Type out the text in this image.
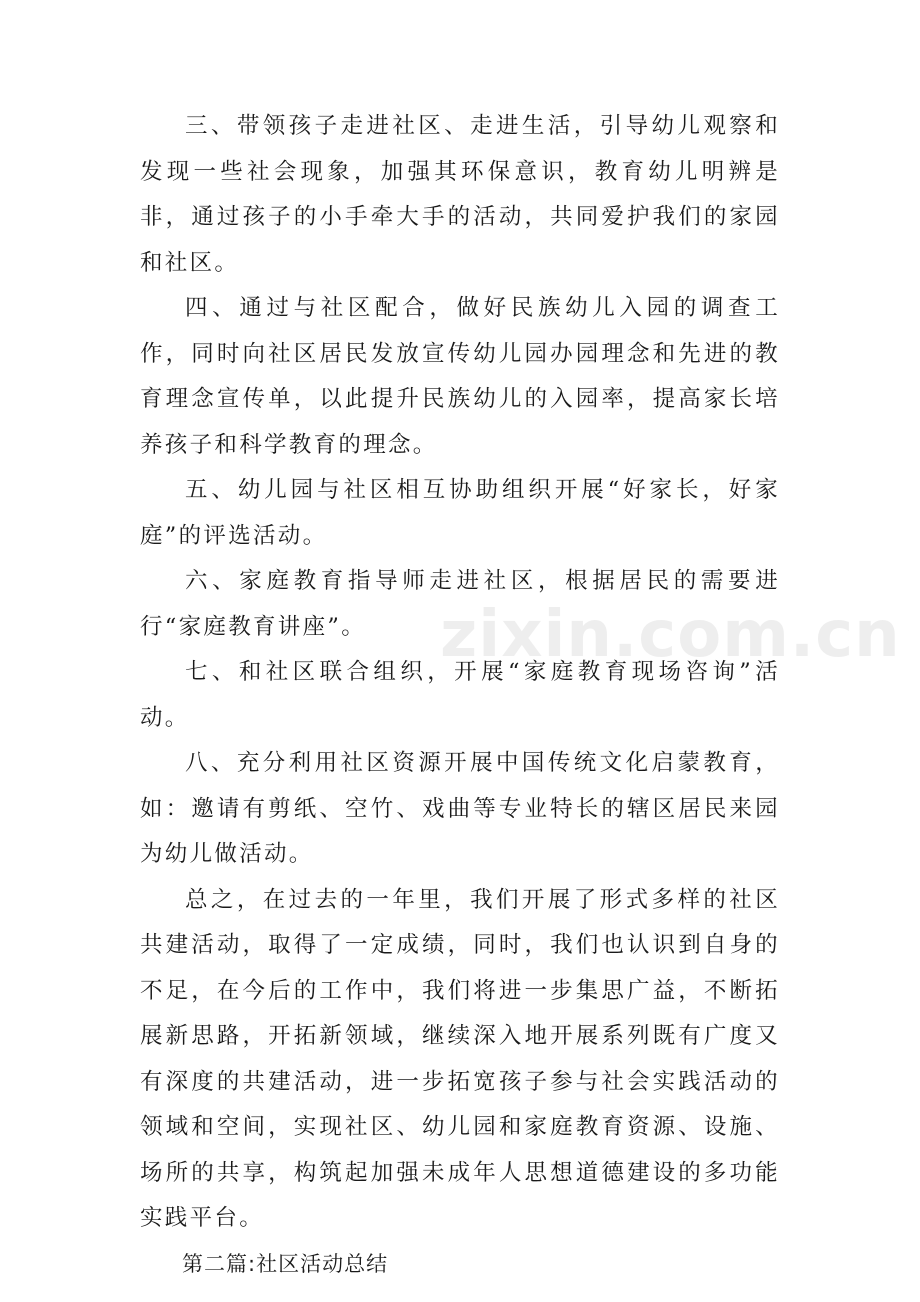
三、带领孩子走进社区、走进生活，引导幼儿观察和发现一些社会现象，加强其环保意识，教育幼儿明辨是非，通过孩子的小手牵大手的活动，共同爱护我们的家园和社区。

四、通过与社区配合，做好民族幼儿入园的调查工作，同时向社区居民发放宣传幼儿园办园理念和先进的教育理念宣传单，以此提升民族幼儿的入园率，提高家长培养孩子和科学教育的理念。

五、幼儿园与社区相互协助组织开展“好家长，好家庭”的评选活动。

六、家庭教育指导师走进社区，根据居民的需要进行“家庭教育讲座”。

七、和社区联合组织，开展“家庭教育现场咨询”活动。

八、充分利用社区资源开展中国传统文化启蒙教育，如：邀请有剪纸、空竹、戏曲等专业特长的辖区居民来园为幼儿做活动。

总之，在过去的一年里，我们开展了形式多样的社区共建活动，取得了一定成绩，同时，我们也认识到自身的不足，在今后的工作中，我们将进一步集思广益，不断拓展新思路，开拓新领域，继续深入地开展系列既有广度又有深度的共建活动，进一步拓宽孩子参与社会实践活动的领域和空间，实现社区、幼儿园和家庭教育资源、设施、场所的共享，构筑起加强未成年人思想道德建设的多功能实践平台。

第二篇:社区活动总结

zixin.com.cn
